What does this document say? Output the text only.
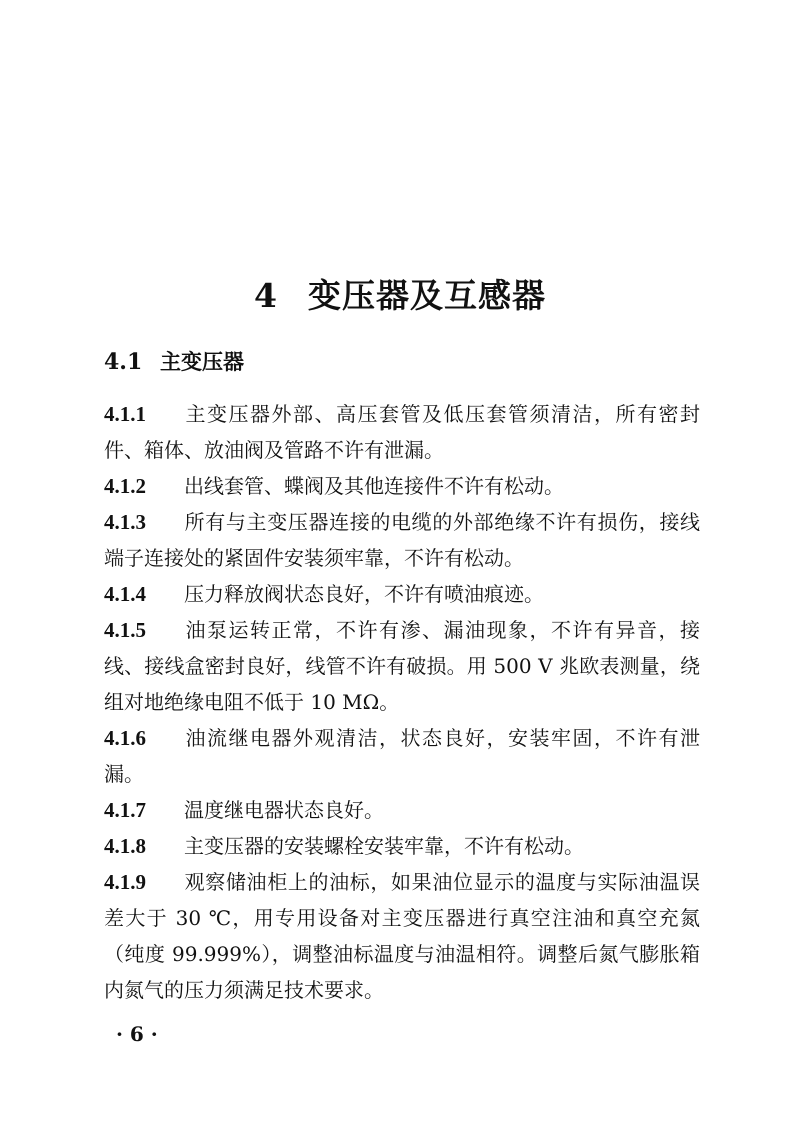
4 变压器及互感器
4.1 主变压器
4.1.1 主变压器外部、高压套管及低压套管须清洁，所有密封件、箱体、放油阀及管路不许有泄漏。
4.1.2 出线套管、蝶阀及其他连接件不许有松动。
4.1.3 所有与主变压器连接的电缆的外部绝缘不许有损伤，接线端子连接处的紧固件安装须牢靠，不许有松动。
4.1.4 压力释放阀状态良好，不许有喷油痕迹。
4.1.5 油泵运转正常，不许有渗、漏油现象，不许有异音，接线、接线盒密封良好，线管不许有破损。用 500 V 兆欧表测量，绕组对地绝缘电阻不低于 10 MΩ。
4.1.6 油流继电器外观清洁，状态良好，安装牢固，不许有泄漏。
4.1.7 温度继电器状态良好。
4.1.8 主变压器的安装螺栓安装牢靠，不许有松动。
4.1.9 观察储油柜上的油标，如果油位显示的温度与实际油温误差大于 30 ℃，用专用设备对主变压器进行真空注油和真空充氮（纯度 99.999%），调整油标温度与油温相符。调整后氮气膨胀箱内氮气的压力须满足技术要求。
· 6 ·
